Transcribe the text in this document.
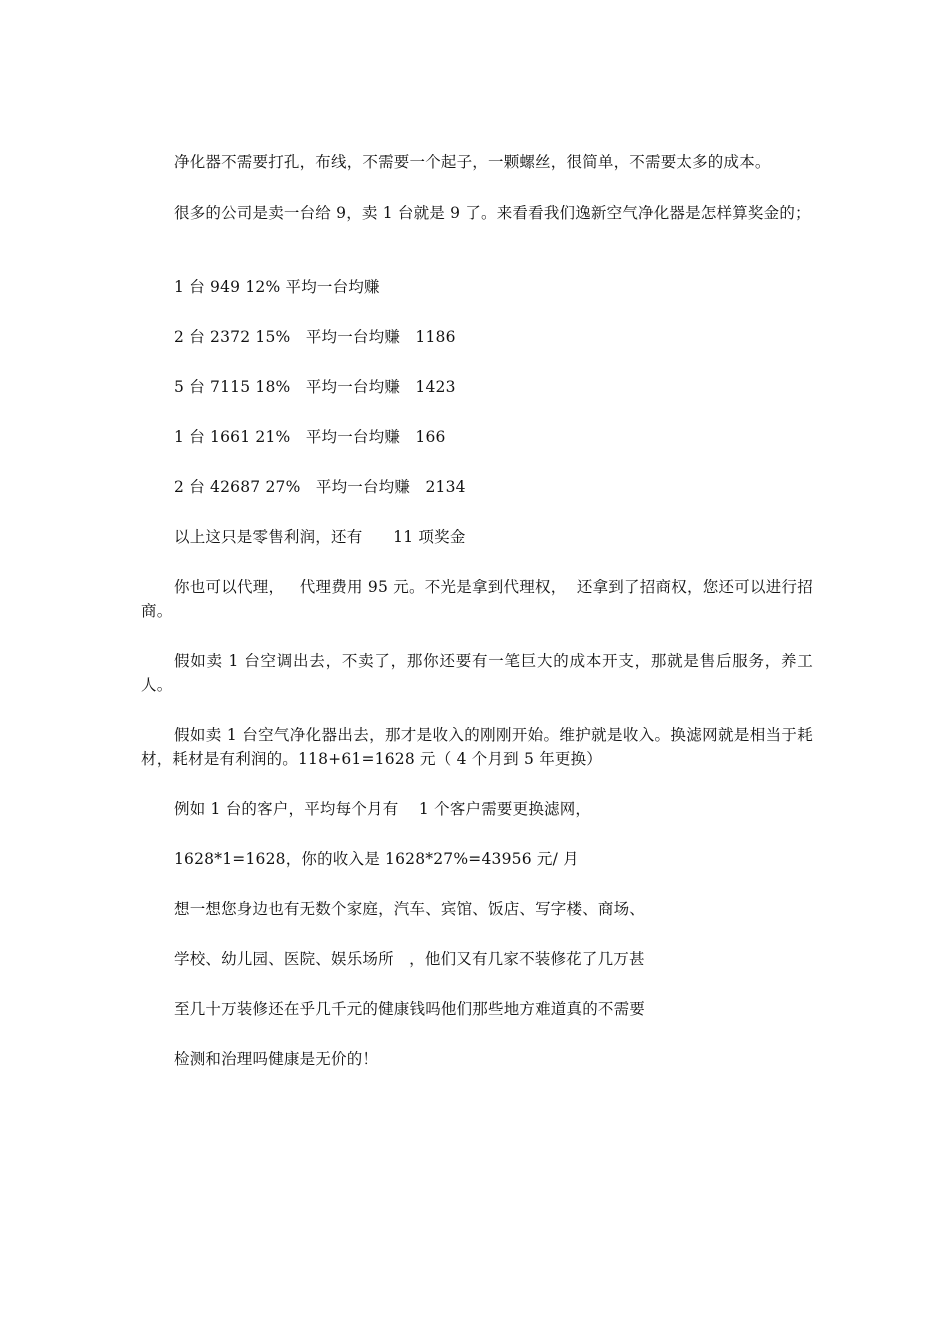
净化器不需要打孔，布线，不需要一个起子，一颗螺丝，很简单，不需要太多的成本。
很多的公司是卖一台给 9，卖 1 台就是 9 了。来看看我们逸新空气净化器是怎样算奖金的；
1 台 949 12% 平均一台均赚
2 台 2372 15%   平均一台均赚   1186
5 台 7115 18%   平均一台均赚   1423
1 台 1661 21%   平均一台均赚   166
2 台 42687 27%   平均一台均赚   2134
以上这只是零售利润，还有      11 项奖金
你也可以代理，   代理费用 95 元。不光是拿到代理权，  还拿到了招商权，您还可以进行招商。
假如卖 1 台空调出去，不卖了，那你还要有一笔巨大的成本开支，那就是售后服务，养工人。
假如卖 1 台空气净化器出去，那才是收入的刚刚开始。维护就是收入。换滤网就是相当于耗材，耗材是有利润的。118+61=1628 元（ 4 个月到 5 年更换）
例如 1 台的客户，平均每个月有    1 个客户需要更换滤网，
1628*1=1628，你的收入是 1628*27%=43956 元/ 月
想一想您身边也有无数个家庭，汽车、宾馆、饭店、写字楼、商场、
学校、幼儿园、医院、娱乐场所   ，他们又有几家不装修花了几万甚
至几十万装修还在乎几千元的健康钱吗他们那些地方难道真的不需要
检测和治理吗健康是无价的！
